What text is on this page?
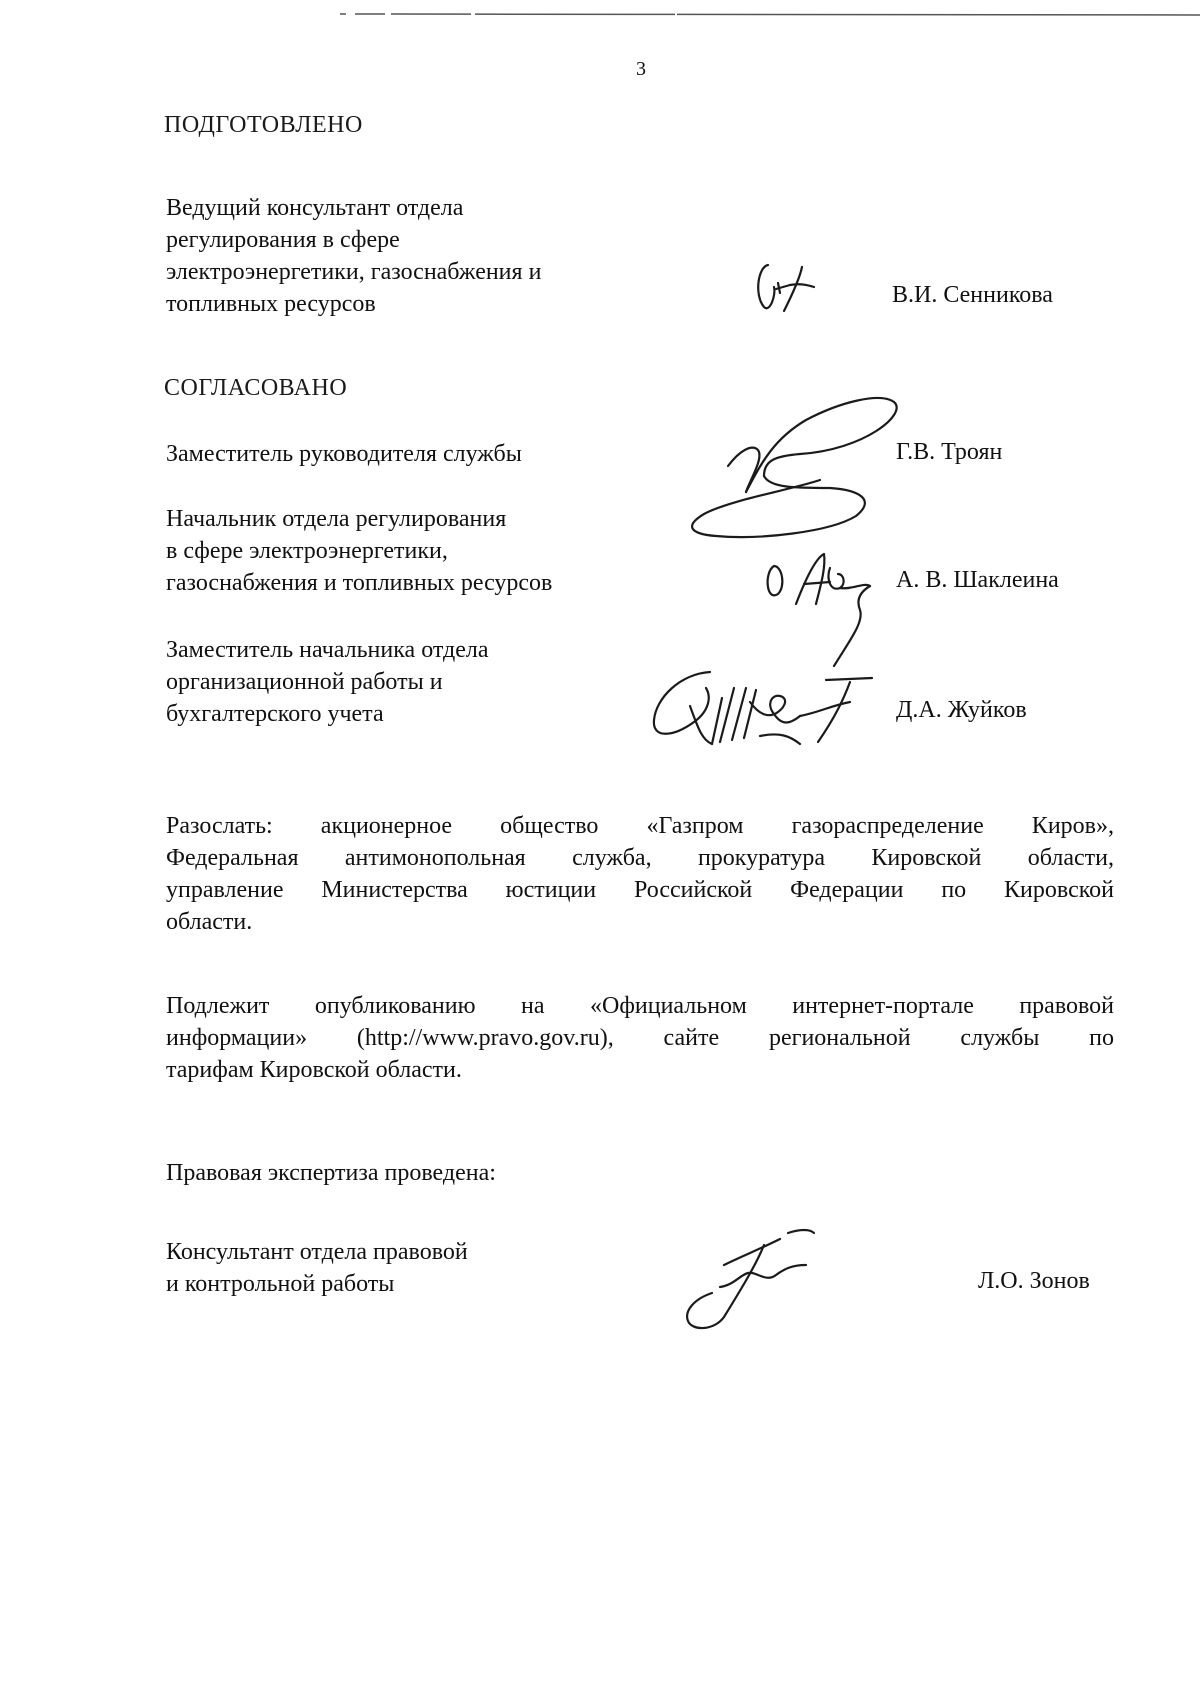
3
ПОДГОТОВЛЕНО
Ведущий консультант отдела
регулирования в сфере
электроэнергетики, газоснабжения и
топливных ресурсов	В.И. Сенникова
СОГЛАСОВАНО
Заместитель руководителя службы	Г.В. Троян
Начальник отдела регулирования
в сфере электроэнергетики,
газоснабжения и топливных ресурсов	А. В. Шаклеина
Заместитель начальника отдела
организационной работы и
бухгалтерского учета	Д.А. Жуйков
Разослать: акционерное общество «Газпром газораспределение Киров»,
Федеральная антимонопольная служба, прокуратура Кировской области,
управление Министерства юстиции Российской Федерации по Кировской
области.
Подлежит опубликованию на «Официальном интернет-портале правовой
информации» (http://www.pravo.gov.ru), сайте региональной службы по
тарифам Кировской области.
Правовая экспертиза проведена:
Консультант отдела правовой
и контрольной работы	Л.О. Зонов
